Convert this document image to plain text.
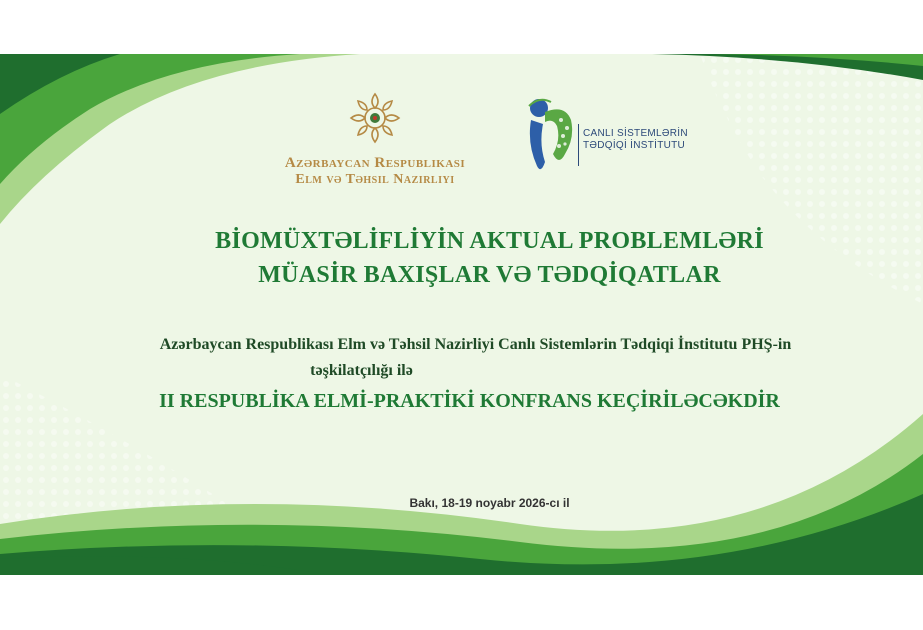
Azərbaycan Respublikası
Elm və Təhsil Nazirliyi
CANLI SİSTEMLƏRİN
TƏDQİQİ İNSTİTUTU
BİOMÜXTƏLİFLİYİN AKTUAL PROBLEMLƏRİ
MÜASİR BAXIŞLAR VƏ TƏDQİQATLAR
Azərbaycan Respublikası Elm və Təhsil Nazirliyi Canlı Sistemlərin Tədqiqi İnstitutu PHŞ-in
təşkilatçılığı ilə
II RESPUBLİKA ELMİ-PRAKTİKİ KONFRANS KEÇİRİLƏCƏKDİR
Bakı, 18-19 noyabr 2026-cı il
